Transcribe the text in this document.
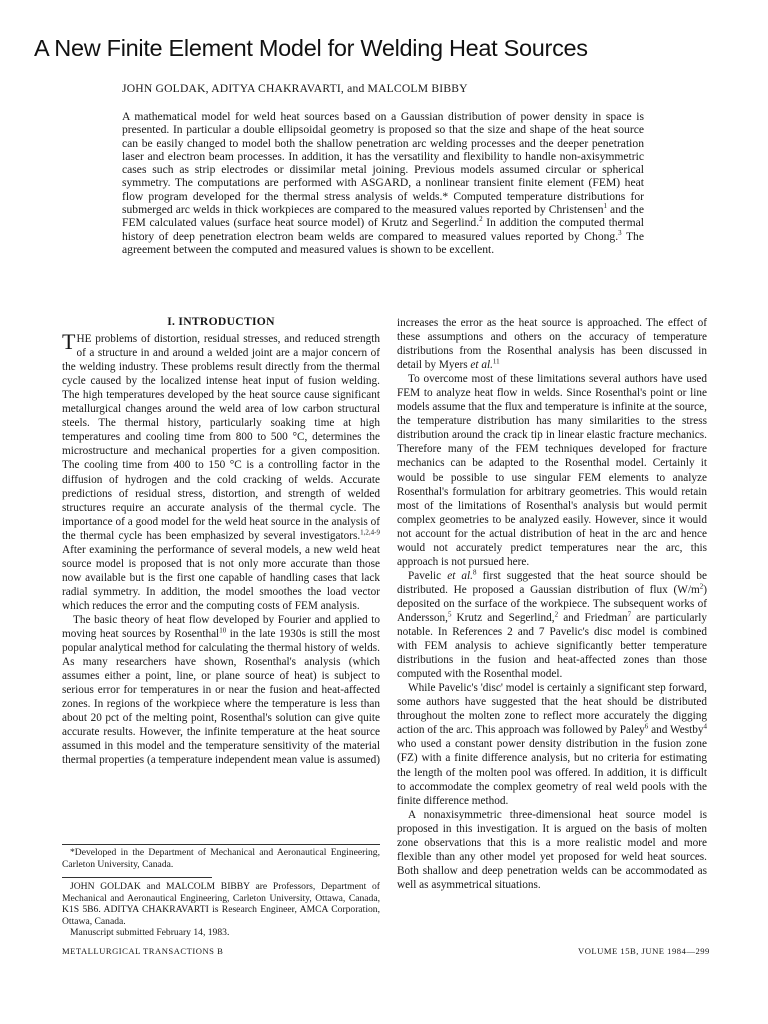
A New Finite Element Model for Welding Heat Sources
JOHN GOLDAK, ADITYA CHAKRAVARTI, and MALCOLM BIBBY
A mathematical model for weld heat sources based on a Gaussian distribution of power density in space is presented. In particular a double ellipsoidal geometry is proposed so that the size and shape of the heat source can be easily changed to model both the shallow penetration arc welding processes and the deeper penetration laser and electron beam processes. In addition, it has the versatility and flexibility to handle non-axisymmetric cases such as strip electrodes or dissimilar metal joining. Previous models assumed circular or spherical symmetry. The computations are performed with ASGARD, a nonlinear transient finite element (FEM) heat flow program developed for the thermal stress analysis of welds.* Computed temperature distributions for submerged arc welds in thick workpieces are compared to the measured values reported by Christensen$^1$ and the FEM calculated values (surface heat source model) of Krutz and Segerlind.$^2$ In addition the computed thermal history of deep penetration electron beam welds are compared to measured values reported by Chong.$^3$ The agreement between the computed and measured values is shown to be excellent.
I. INTRODUCTION

THE problems of distortion, residual stresses, and reduced strength of a structure in and around a welded joint are a major concern of the welding industry. These problems result directly from the thermal cycle caused by the localized intense heat input of fusion welding. The high temperatures developed by the heat source cause significant metallurgical changes around the weld area of low carbon structural steels. The thermal history, particularly soaking time at high temperatures and cooling time from 800 to 500 °C, determines the microstructure and mechanical properties for a given composition. The cooling time from 400 to 150 °C is a controlling factor in the diffusion of hydrogen and the cold cracking of welds. Accurate predictions of residual stress, distortion, and strength of welded structures require an accurate analysis of the thermal cycle. The importance of a good model for the weld heat source in the analysis of the thermal cycle has been emphasized by several investigators.$^{1,2,4-9}$ After examining the performance of several models, a new weld heat source model is proposed that is not only more accurate than those now available but is the first one capable of handling cases that lack radial symmetry. In addition, the model smoothes the load vector which reduces the error and the computing costs of FEM analysis.

The basic theory of heat flow developed by Fourier and applied to moving heat sources by Rosenthal$^{10}$ in the late 1930s is still the most popular analytical method for calculating the thermal history of welds. As many researchers have shown, Rosenthal's analysis (which assumes either a point, line, or plane source of heat) is subject to serious error for temperatures in or near the fusion and heat-affected zones. In regions of the workpiece where the temperature is less than about 20 pct of the melting point, Rosenthal's solution can give quite accurate results. However, the infinite temperature at the heat source assumed in this model and the temperature sensitivity of the material thermal properties (a temperature independent mean value is assumed)

*Developed in the Department of Mechanical and Aeronautical Engineering, Carleton University, Canada.

JOHN GOLDAK and MALCOLM BIBBY are Professors, Department of Mechanical and Aeronautical Engineering, Carleton University, Ottawa, Canada, K1S 5B6. ADITYA CHAKRAVARTI is Research Engineer, AMCA Corporation, Ottawa, Canada.

Manuscript submitted February 14, 1983.

increases the error as the heat source is approached. The effect of these assumptions and others on the accuracy of temperature distributions from the Rosenthal analysis has been discussed in detail by Myers et al.$^{11}$

To overcome most of these limitations several authors have used FEM to analyze heat flow in welds. Since Rosenthal's point or line models assume that the flux and temperature is infinite at the source, the temperature distribution has many similarities to the stress distribution around the crack tip in linear elastic fracture mechanics. Therefore many of the FEM techniques developed for fracture mechanics can be adapted to the Rosenthal model. Certainly it would be possible to use singular FEM elements to analyze Rosenthal's formulation for arbitrary geometries. This would retain most of the limitations of Rosenthal's analysis but would permit complex geometries to be analyzed easily. However, since it would not account for the actual distribution of heat in the arc and hence would not accurately predict temperatures near the arc, this approach is not pursued here.

Pavelic et al.$^8$ first suggested that the heat source should be distributed. He proposed a Gaussian distribution of flux $(W/m^2)$ deposited on the surface of the workpiece. The subsequent works of Andersson,$^5$ Krutz and Segerlind,$^2$ and Friedman$^7$ are particularly notable. In References 2 and 7 Pavelic's disc model is combined with FEM analysis to achieve significantly better temperature distributions in the fusion and heat-affected zones than those computed with the Rosenthal model.

While Pavelic's 'disc' model is certainly a significant step forward, some authors have suggested that the heat should be distributed throughout the molten zone to reflect more accurately the digging action of the arc. This approach was followed by Paley$^6$ and Westby$^4$ who used a constant power density distribution in the fusion zone (FZ) with a finite difference analysis, but no criteria for estimating the length of the molten pool was offered. In addition, it is difficult to accommodate the complex geometry of real weld pools with the finite difference method.

A nonaxisymmetric three-dimensional heat source model is proposed in this investigation. It is argued on the basis of molten zone observations that this is a more realistic model and more flexible than any other model yet proposed for weld heat sources. Both shallow and deep penetration welds can be accommodated as well as asymmetrical situations.

METALLURGICAL TRANSACTIONS B	VOLUME 15B, JUNE 1984—299
